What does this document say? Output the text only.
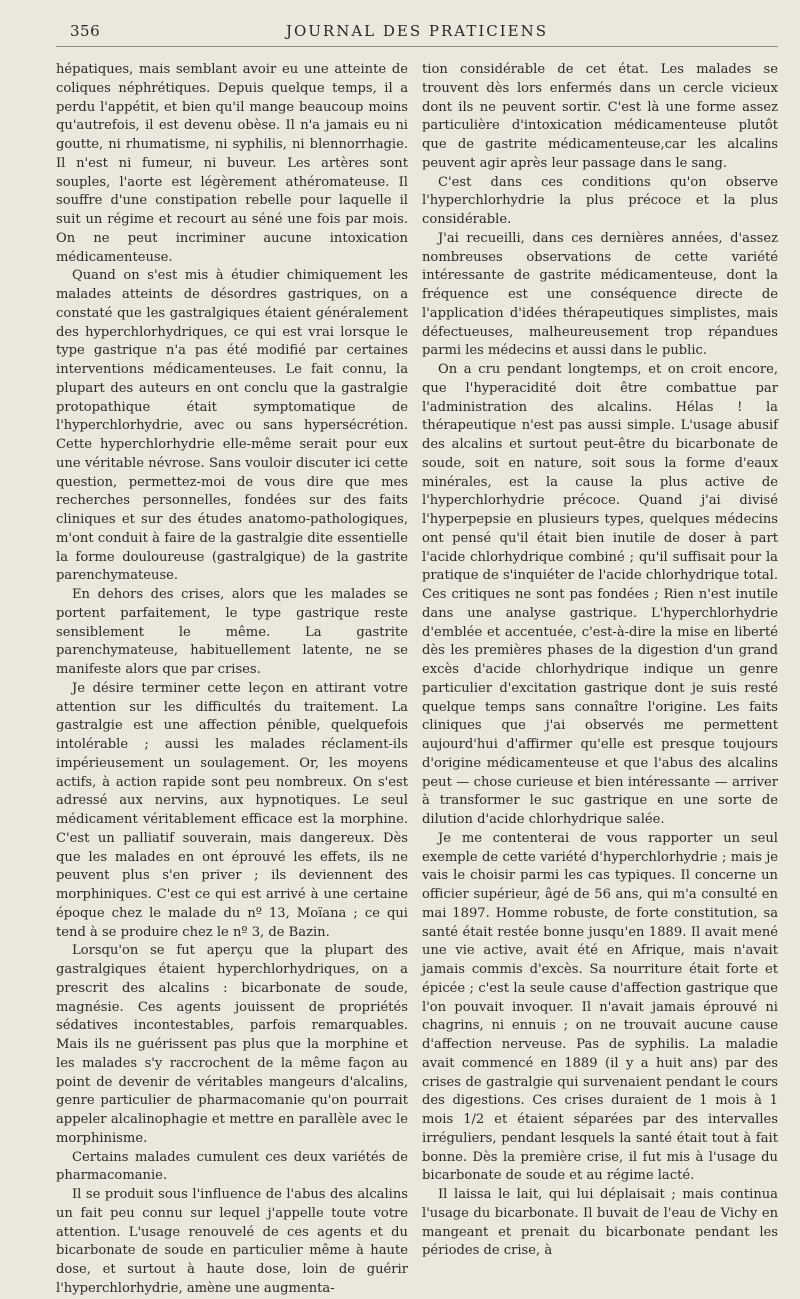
356	JOURNAL DES PRATICIENS

hépatiques, mais semblant avoir eu une atteinte de coliques néphrétiques. Depuis quelque temps, il a perdu l'appétit, et bien qu'il mange beaucoup moins qu'autrefois, il est devenu obèse. Il n'a jamais eu ni goutte, ni rhumatisme, ni syphilis, ni blennorrhagie. Il n'est ni fumeur, ni buveur. Les artères sont souples, l'aorte est légèrement athéromateuse. Il souffre d'une constipation rebelle pour laquelle il suit un régime et recourt au séné une fois par mois. On ne peut incriminer aucune intoxication médicamenteuse.

Quand on s'est mis à étudier chimiquement les malades atteints de désordres gastriques, on a constaté que les gastralgiques étaient généralement des hyperchlorhydriques, ce qui est vrai lorsque le type gastrique n'a pas été modifié par certaines interventions médicamenteuses. Le fait connu, la plupart des auteurs en ont conclu que la gastralgie protopathique était symptomatique de l'hyperchlorhydrie, avec ou sans hypersécrétion. Cette hyperchlorhydrie elle-même serait pour eux une véritable névrose. Sans vouloir discuter ici cette question, permettez-moi de vous dire que mes recherches personnelles, fondées sur des faits cliniques et sur des études anatomo-pathologiques, m'ont conduit à faire de la gastralgie dite essentielle la forme douloureuse (gastralgique) de la gastrite parenchymateuse.

En dehors des crises, alors que les malades se portent parfaitement, le type gastrique reste sensiblement le même. La gastrite parenchymateuse, habituellement latente, ne se manifeste alors que par crises.

Je désire terminer cette leçon en attirant votre attention sur les difficultés du traitement. La gastralgie est une affection pénible, quelquefois intolérable ; aussi les malades réclament-ils impérieusement un soulagement. Or, les moyens actifs, à action rapide sont peu nombreux. On s'est adressé aux nervins, aux hypnotiques. Le seul médicament véritablement efficace est la morphine. C'est un palliatif souverain, mais dangereux. Dès que les malades en ont éprouvé les effets, ils ne peuvent plus s'en priver ; ils deviennent des morphiniques. C'est ce qui est arrivé à une certaine époque chez le malade du nº 13, Moïana ; ce qui tend à se produire chez le nº 3, de Bazin.

Lorsqu'on se fut aperçu que la plupart des gastralgiques étaient hyperchlorhydriques, on a prescrit des alcalins : bicarbonate de soude, magnésie. Ces agents jouissent de propriétés sédatives incontestables, parfois remarquables. Mais ils ne guérissent pas plus que la morphine et les malades s'y raccrochent de la même façon au point de devenir de véritables mangeurs d'alcalins, genre particulier de pharmacomanie qu'on pourrait appeler alcalinophagie et mettre en parallèle avec le morphinisme.

Certains malades cumulent ces deux variétés de pharmacomanie.

Il se produit sous l'influence de l'abus des alcalins un fait peu connu sur lequel j'appelle toute votre attention. L'usage renouvelé de ces agents et du bicarbonate de soude en particulier même à haute dose, et surtout à haute dose, loin de guérir l'hyperchlorhydrie, amène une augmenta-

tion considérable de cet état. Les malades se trouvent dès lors enfermés dans un cercle vicieux dont ils ne peuvent sortir. C'est là une forme assez particulière d'intoxication médicamenteuse plutôt que de gastrite médicamenteuse,car les alcalins peuvent agir après leur passage dans le sang.

C'est dans ces conditions qu'on observe l'hyperchlorhydrie la plus précoce et la plus considérable.

J'ai recueilli, dans ces dernières années, d'assez nombreuses observations de cette variété intéressante de gastrite médicamenteuse, dont la fréquence est une conséquence directe de l'application d'idées thérapeutiques simplistes, mais défectueuses, malheureusement trop répandues parmi les médecins et aussi dans le public.

On a cru pendant longtemps, et on croit encore, que l'hyperacidité doit être combattue par l'administration des alcalins. Hélas ! la thérapeutique n'est pas aussi simple. L'usage abusif des alcalins et surtout peut-être du bicarbonate de soude, soit en nature, soit sous la forme d'eaux minérales, est la cause la plus active de l'hyperchlorhydrie précoce. Quand j'ai divisé l'hyperpepsie en plusieurs types, quelques médecins ont pensé qu'il était bien inutile de doser à part l'acide chlorhydrique combiné ; qu'il suffisait pour la pratique de s'inquiéter de l'acide chlorhydrique total. Ces critiques ne sont pas fondées ; Rien n'est inutile dans une analyse gastrique. L'hyperchlorhydrie d'emblée et accentuée, c'est-à-dire la mise en liberté dès les premières phases de la digestion d'un grand excès d'acide chlorhydrique indique un genre particulier d'excitation gastrique dont je suis resté quelque temps sans connaître l'origine. Les faits cliniques que j'ai observés me permettent aujourd'hui d'affirmer qu'elle est presque toujours d'origine médicamenteuse et que l'abus des alcalins peut — chose curieuse et bien intéressante — arriver à transformer le suc gastrique en une sorte de dilution d'acide chlorhydrique salée.

Je me contenterai de vous rapporter un seul exemple de cette variété d'hyperchlorhydrie ; mais je vais le choisir parmi les cas typiques. Il concerne un officier supérieur, âgé de 56 ans, qui m'a consulté en mai 1897. Homme robuste, de forte constitution, sa santé était restée bonne jusqu'en 1889. Il avait mené une vie active, avait été en Afrique, mais n'avait jamais commis d'excès. Sa nourriture était forte et épicée ; c'est la seule cause d'affection gastrique que l'on pouvait invoquer. Il n'avait jamais éprouvé ni chagrins, ni ennuis ; on ne trouvait aucune cause d'affection nerveuse. Pas de syphilis. La maladie avait commencé en 1889 (il y a huit ans) par des crises de gastralgie qui survenaient pendant le cours des digestions. Ces crises duraient de 1 mois à 1 mois 1/2 et étaient séparées par des intervalles irréguliers, pendant lesquels la santé était tout à fait bonne. Dès la première crise, il fut mis à l'usage du bicarbonate de soude et au régime lacté.

Il laissa le lait, qui lui déplaisait ; mais continua l'usage du bicarbonate. Il buvait de l'eau de Vichy en mangeant et prenait du bicarbonate pendant les périodes de crise, à
